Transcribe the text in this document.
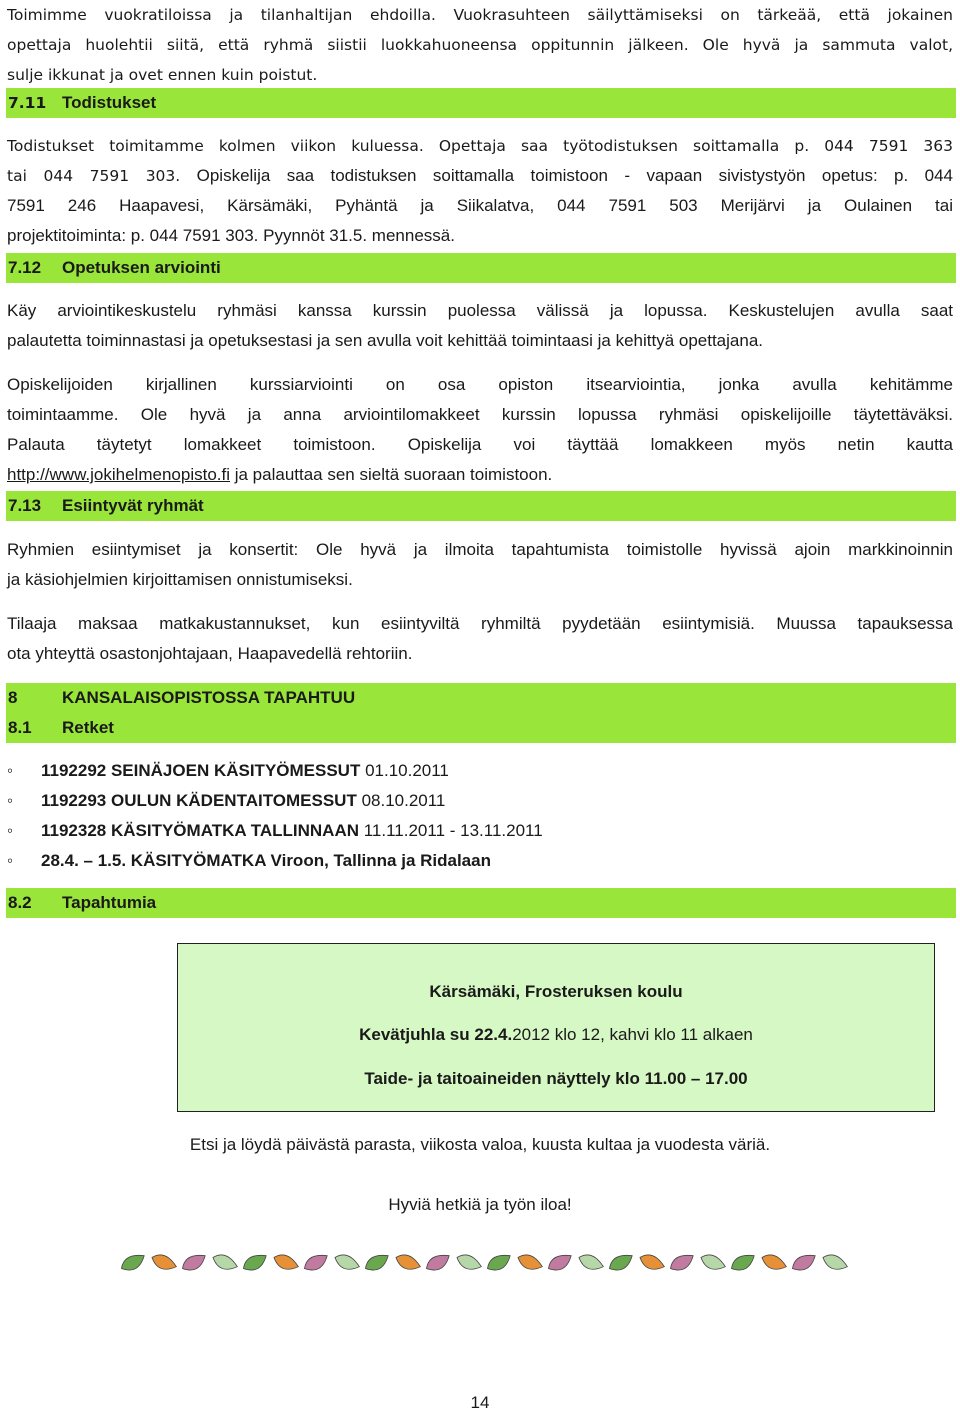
Toimimme vuokratiloissa ja tilanhaltijan ehdoilla. Vuokrasuhteen säilyttämiseksi on tärkeää, että jokainen
opettaja huolehtii siitä, että ryhmä siistii luokkahuoneensa oppitunnin jälkeen. Ole hyvä ja sammuta valot,
sulje ikkunat ja ovet ennen kuin poistut.
7.11 Todistukset
Todistukset toimitamme kolmen viikon kuluessa. Opettaja saa työtodistuksen soittamalla p. 044 7591 363
tai 044 7591 303. Opiskelija saa todistuksen soittamalla toimistoon - vapaan sivistystyön opetus: p. 044
7591 246 Haapavesi, Kärsämäki, Pyhäntä ja Siikalatva, 044 7591 503 Merijärvi ja Oulainen tai
projektitoiminta: p. 044 7591 303. Pyynnöt 31.5. mennessä.
7.12 Opetuksen arviointi
Käy arviointikeskustelu ryhmäsi kanssa kurssin puolessa välissä ja lopussa. Keskustelujen avulla saat
palautetta toiminnastasi ja opetuksestasi ja sen avulla voit kehittää toimintaasi ja kehittyä opettajana.
Opiskelijoiden kirjallinen kurssiarviointi on osa opiston itsearviointia, jonka avulla kehitämme
toimintaamme. Ole hyvä ja anna arviointilomakkeet kurssin lopussa ryhmäsi opiskelijoille täytettäväksi.
Palauta täytetyt lomakkeet toimistoon. Opiskelija voi täyttää lomakkeen myös netin kautta
http://www.jokihelmenopisto.fi ja palauttaa sen sieltä suoraan toimistoon.
7.13 Esiintyvät ryhmät
Ryhmien esiintymiset ja konsertit: Ole hyvä ja ilmoita tapahtumista toimistolle hyvissä ajoin markkinoinnin
ja käsiohjelmien kirjoittamisen onnistumiseksi.
Tilaaja maksaa matkakustannukset, kun esiintyviltä ryhmiltä pyydetään esiintymisiä. Muussa tapauksessa
ota yhteyttä osastonjohtajaan, Haapavedellä rehtoriin.
8	KANSALAISOPISTOSSA TAPAHTUU
8.1 Retket
◦ 1192292 SEINÄJOEN KÄSITYÖMESSUT 01.10.2011
◦ 1192293 OULUN KÄDENTAITOMESSUT 08.10.2011
◦ 1192328 KÄSITYÖMATKA TALLINNAAN 11.11.2011 - 13.11.2011
◦ 28.4. – 1.5. KÄSITYÖMATKA Viroon, Tallinna ja Ridalaan
8.2 Tapahtumia
Kärsämäki, Frosteruksen koulu
Kevätjuhla su 22.4.2012 klo 12, kahvi klo 11 alkaen
Taide- ja taitoaineiden näyttely klo 11.00 – 17.00
Etsi ja löydä päivästä parasta, viikosta valoa, kuusta kultaa ja vuodesta väriä.
Hyviä hetkiä ja työn iloa!
14
